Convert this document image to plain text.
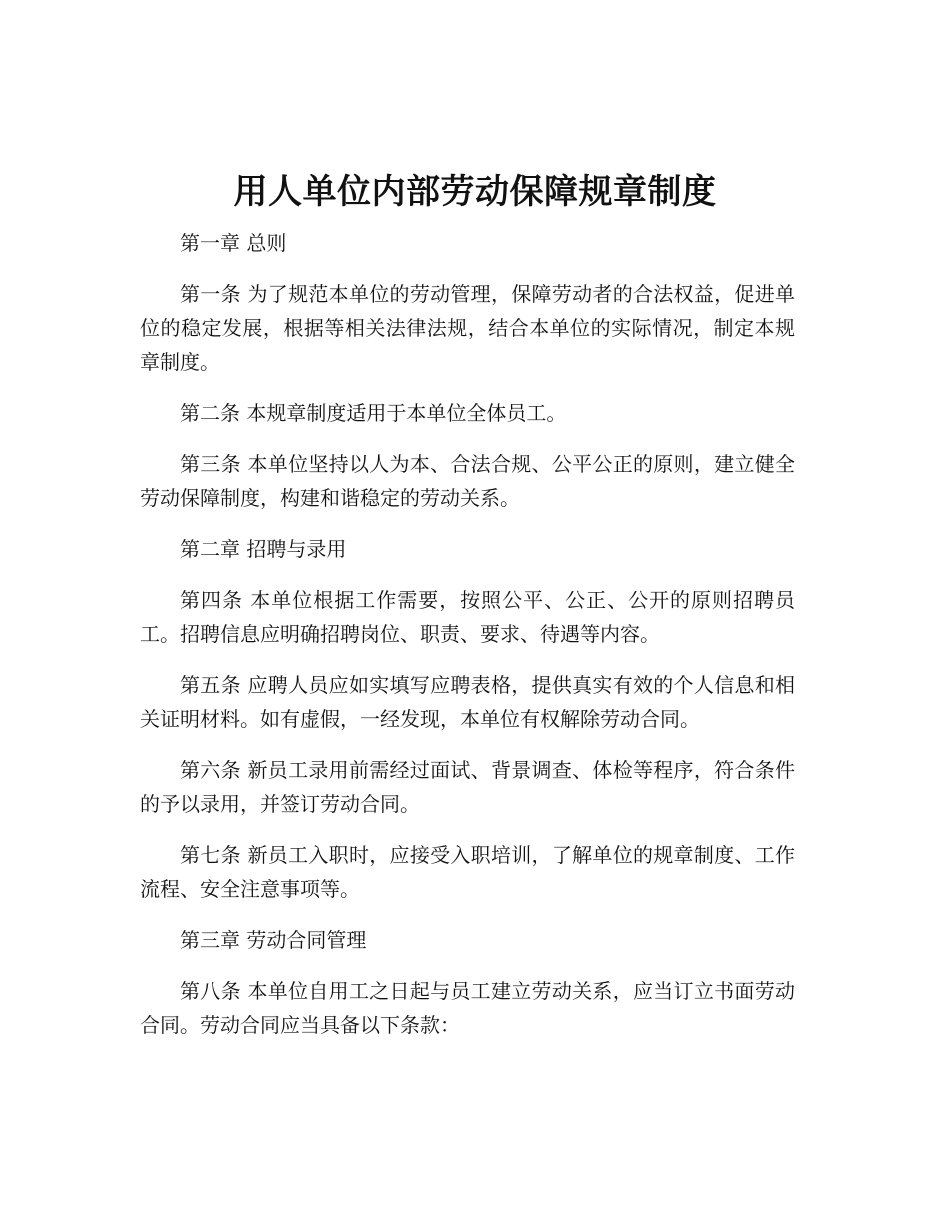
用人单位内部劳动保障规章制度

第一章 总则

第一条 为了规范本单位的劳动管理，保障劳动者的合法权益，促进单位的稳定发展，根据等相关法律法规，结合本单位的实际情况，制定本规章制度。

第二条 本规章制度适用于本单位全体员工。

第三条 本单位坚持以人为本、合法合规、公平公正的原则，建立健全劳动保障制度，构建和谐稳定的劳动关系。

第二章 招聘与录用

第四条 本单位根据工作需要，按照公平、公正、公开的原则招聘员工。招聘信息应明确招聘岗位、职责、要求、待遇等内容。

第五条 应聘人员应如实填写应聘表格，提供真实有效的个人信息和相关证明材料。如有虚假，一经发现，本单位有权解除劳动合同。

第六条 新员工录用前需经过面试、背景调查、体检等程序，符合条件的予以录用，并签订劳动合同。

第七条 新员工入职时，应接受入职培训，了解单位的规章制度、工作流程、安全注意事项等。

第三章 劳动合同管理

第八条 本单位自用工之日起与员工建立劳动关系，应当订立书面劳动合同。劳动合同应当具备以下条款：
